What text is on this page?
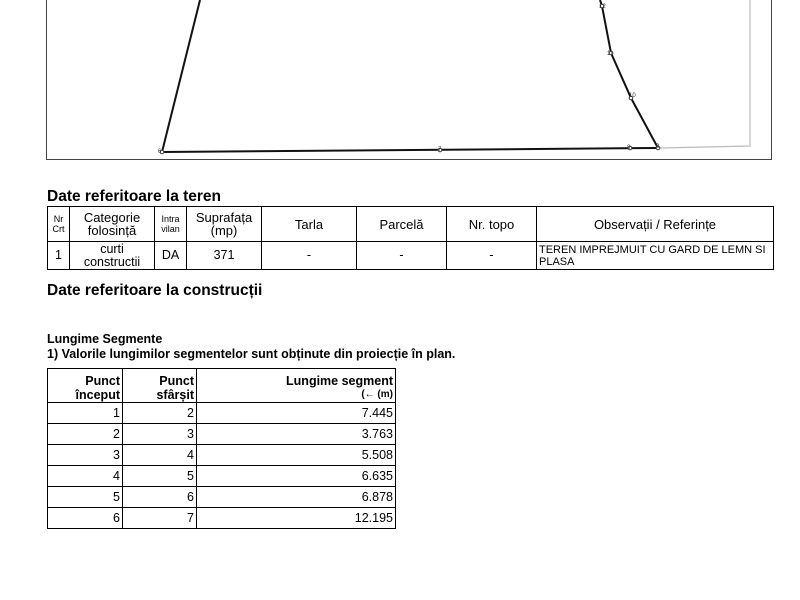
12
11
10
9
8
7
6
Date referitoare la teren
Nr Crt	Categorie folosință	Intra vilan	Suprafața (mp)	Tarla	Parcelă	Nr. topo	Observații / Referințe
1	curti constructii	DA	371	-	-	-	TEREN IMPREJMUIT CU GARD DE LEMN SI PLASA
Date referitoare la construcții
Lungime Segmente
1) Valorile lungimilor segmentelor sunt obținute din proiecție în plan.
Punct început	Punct sfârșit	Lungime segment
(← (m)

1	2	7.445
2	3	3.763
3	4	5.508
4	5	6.635
5	6	6.878
6	7	12.195
